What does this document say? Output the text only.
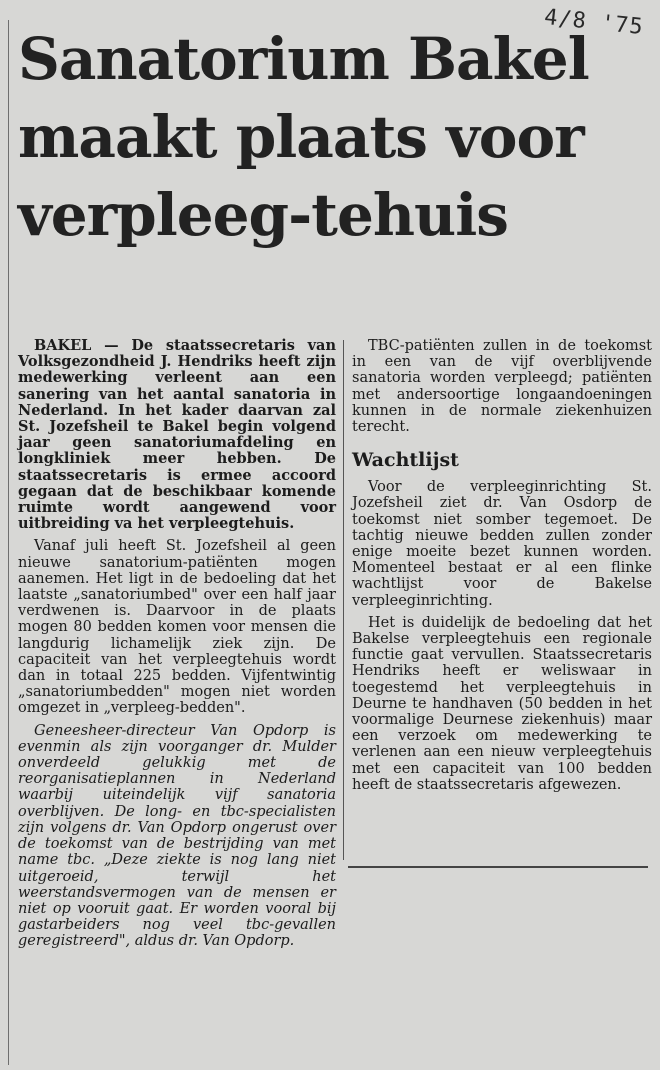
4/8 '75
Sanatorium Bakel
maakt plaats voor
verpleeg-tehuis

BAKEL — De staatssecretaris van Volksgezondheid J. Hendriks heeft zijn medewerking verleent aan een sanering van het aantal sanatoria in Nederland. In het kader daarvan zal St. Jozefsheil te Bakel begin volgend jaar geen sanatoriumafdeling en longkliniek meer hebben. De staatssecretaris is ermee accoord gegaan dat de beschikbaar komende ruimte wordt aangewend voor uitbreiding va het verpleegtehuis.

Vanaf juli heeft St. Jozefsheil al geen nieuwe sanatorium-patiënten mogen aanemen. Het ligt in de bedoeling dat het laatste „sanatoriumbed" over een half jaar verdwenen is. Daarvoor in de plaats mogen 80 bedden komen voor mensen die langdurig lichamelijk ziek zijn. De capaciteit van het verpleegtehuis wordt dan in totaal 225 bedden. Vijfentwintig „sanatoriumbedden" mogen niet worden omgezet in „verpleeg-bedden".

Geneesheer-directeur Van Opdorp is evenmin als zijn voorganger dr. Mulder onverdeeld gelukkig met de reorganisatieplannen in Nederland waarbij uiteindelijk vijf sanatoria overblijven. De long- en tbc-specialisten zijn volgens dr. Van Opdorp ongerust over de toekomst van de bestrijding van met name tbc. „Deze ziekte is nog lang niet uitgeroeid, terwijl het weerstandsvermogen van de mensen er niet op vooruit gaat. Er worden vooral bij gastarbeiders nog veel tbc-gevallen geregistreerd", aldus dr. Van Opdorp.

TBC-patiënten zullen in de toekomst in een van de vijf overblijvende sanatoria worden verpleegd; patiënten met andersoortige longaandoeningen kunnen in de normale ziekenhuizen terecht.

Wachtlijst

Voor de verpleeginrichting St. Jozefsheil ziet dr. Van Osdorp de toekomst niet somber tegemoet. De tachtig nieuwe bedden zullen zonder enige moeite bezet kunnen worden. Momenteel bestaat er al een flinke wachtlijst voor de Bakelse verpleeginrichting.

Het is duidelijk de bedoeling dat het Bakelse verpleegtehuis een regionale functie gaat vervullen. Staatssecretaris Hendriks heeft er weliswaar in toegestemd het verpleegtehuis in Deurne te handhaven (50 bedden in het voormalige Deurnese ziekenhuis) maar een verzoek om medewerking te verlenen aan een nieuw verpleegtehuis met een capaciteit van 100 bedden heeft de staatssecretaris afgewezen.
